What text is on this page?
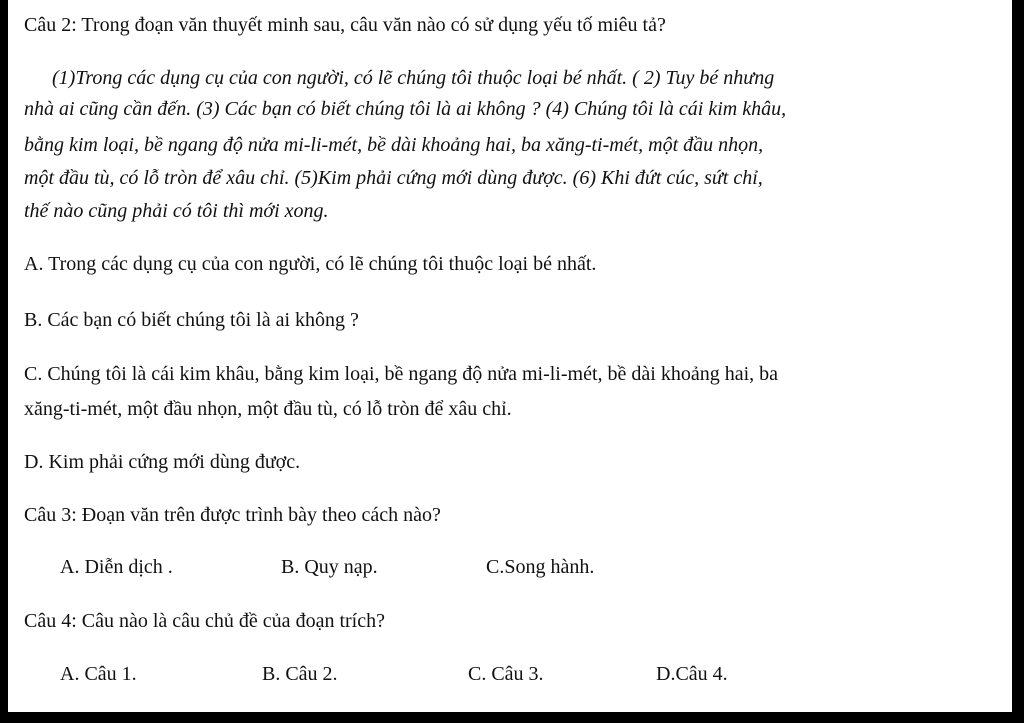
Câu 2: Trong đoạn văn thuyết minh sau, câu văn nào có sử dụng yếu tố miêu tả?
(1)Trong các dụng cụ của con người, có lẽ chúng tôi thuộc loại bé nhất. ( 2) Tuy bé nhưng
nhà ai cũng cần đến. (3) Các bạn có biết chúng tôi là ai không ? (4) Chúng tôi là cái kim khâu,
bằng kim loại, bề ngang độ nửa mi-li-mét, bề dài khoảng hai, ba xăng-ti-mét, một đầu nhọn,
một đầu tù, có lỗ tròn để xâu chỉ. (5)Kim phải cứng mới dùng được. (6) Khi đứt cúc, sứt chỉ,
thế nào cũng phải có tôi thì mới xong.
A. Trong các dụng cụ của con người, có lẽ chúng tôi thuộc loại bé nhất.
B. Các bạn có biết chúng tôi là ai không ?
C. Chúng tôi là cái kim khâu, bằng kim loại, bề ngang độ nửa mi-li-mét, bề dài khoảng hai, ba
xăng-ti-mét, một đầu nhọn, một đầu tù, có lỗ tròn để xâu chỉ.
D. Kim phải cứng mới dùng được.
Câu 3: Đoạn văn trên được trình bày theo cách nào?
A. Diễn dịch .	B. Quy nạp.	C.Song hành.
Câu 4: Câu nào là câu chủ đề của đoạn trích?
A. Câu 1.	B. Câu 2.	C. Câu 3.	D.Câu 4.
